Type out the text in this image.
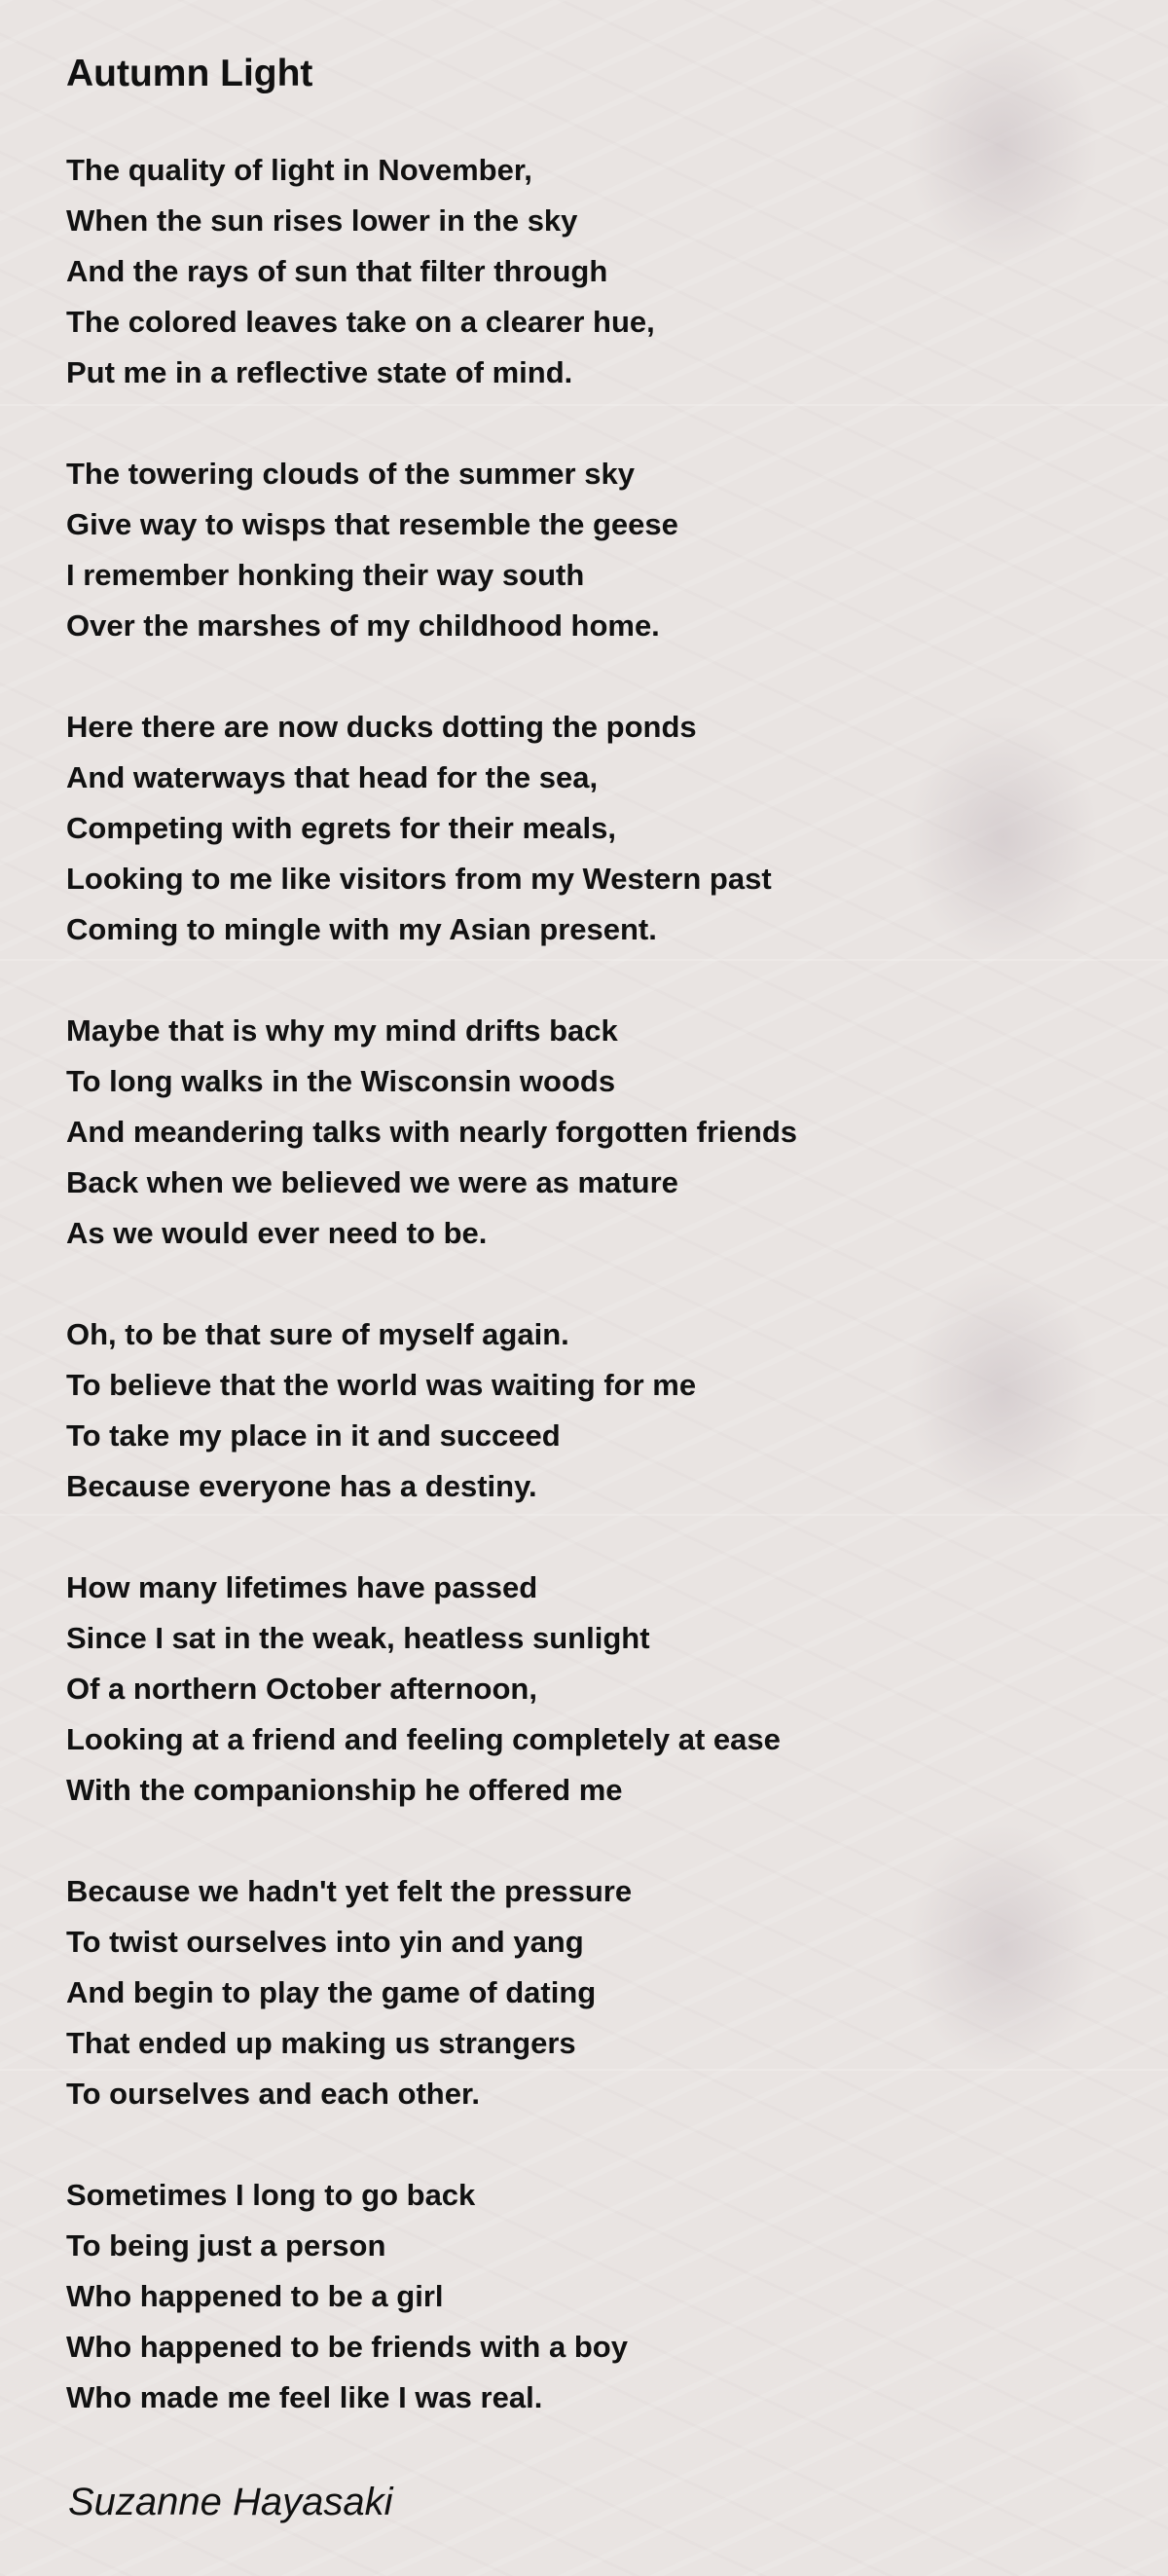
Autumn Light
The quality of light in November,
When the sun rises lower in the sky
And the rays of sun that filter through
The colored leaves take on a clearer hue,
Put me in a reflective state of mind.
The towering clouds of the summer sky
Give way to wisps that resemble the geese
I remember honking their way south
Over the marshes of my childhood home.
Here there are now ducks dotting the ponds
And waterways that head for the sea,
Competing with egrets for their meals,
Looking to me like visitors from my Western past
Coming to mingle with my Asian present.
Maybe that is why my mind drifts back
To long walks in the Wisconsin woods
And meandering talks with nearly forgotten friends
Back when we believed we were as mature
As we would ever need to be.
Oh, to be that sure of myself again.
To believe that the world was waiting for me
To take my place in it and succeed
Because everyone has a destiny.
How many lifetimes have passed
Since I sat in the weak, heatless sunlight
Of a northern October afternoon,
Looking at a friend and feeling completely at ease
With the companionship he offered me
Because we hadn't yet felt the pressure
To twist ourselves into yin and yang
And begin to play the game of dating
That ended up making us strangers
To ourselves and each other.
Sometimes I long to go back
To being just a person
Who happened to be a girl
Who happened to be friends with a boy
Who made me feel like I was real.

Suzanne Hayasaki
